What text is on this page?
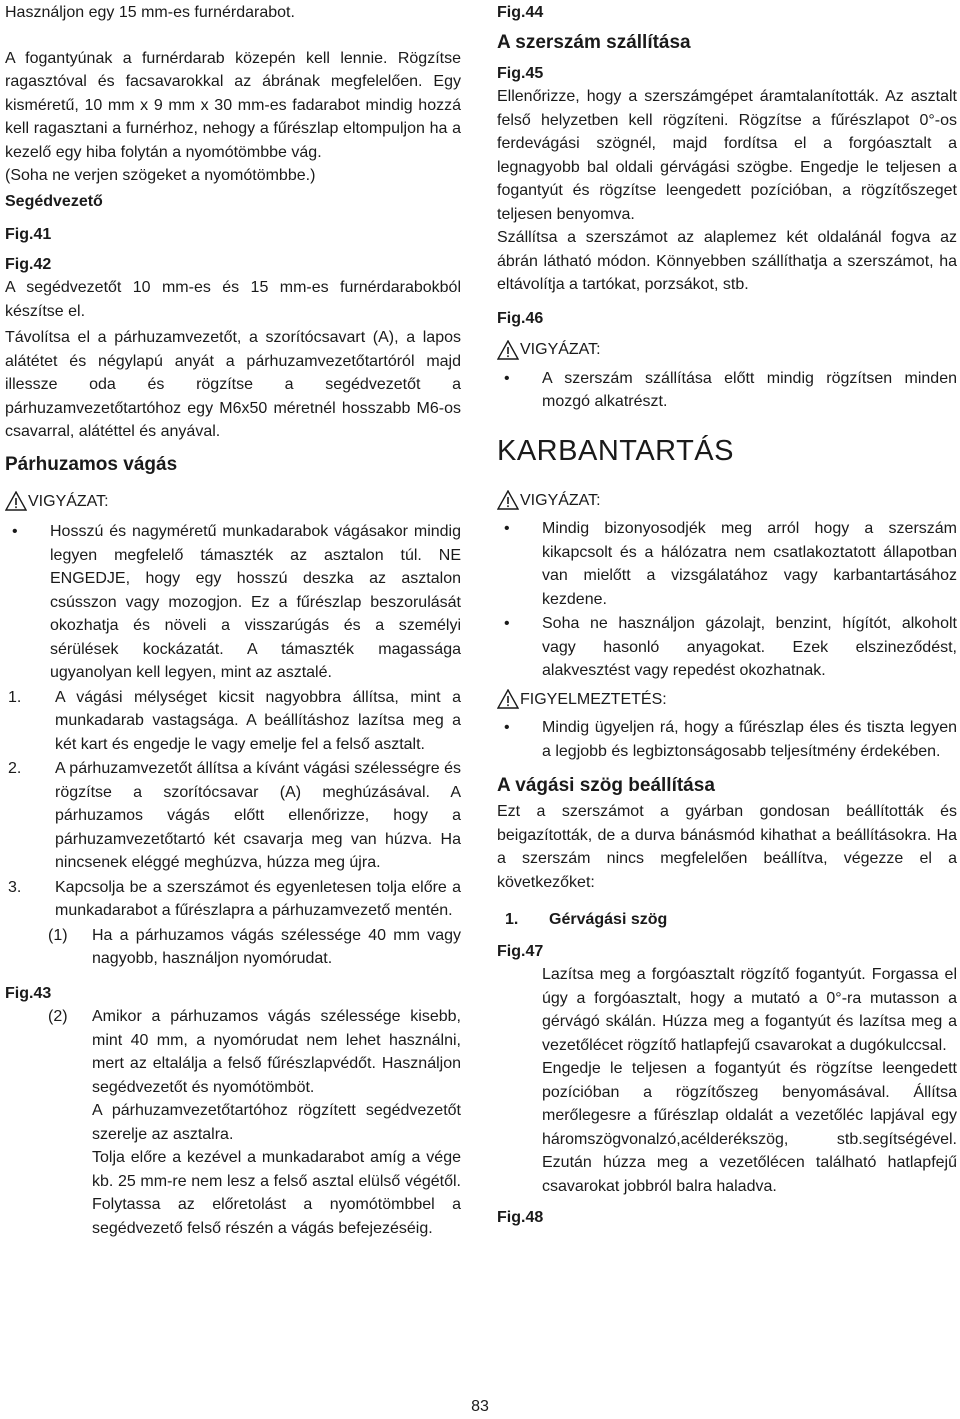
Használjon egy 15 mm-es furnérdarabot.

A fogantyúnak a furnérdarab közepén kell lennie. Rögzítse ragasztóval és facsavarokkal az ábrának megfelelően. Egy kisméretű, 10 mm x 9 mm x 30 mm-es fadarabot mindig hozzá kell ragasztani a furnérhoz, nehogy a fűrészlap eltompuljon ha a kezelő egy hiba folytán a nyomótömbbe vág.

(Soha ne verjen szögeket a nyomótömbbe.)

Segédvezető

Fig.41

Fig.42

A segédvezetőt 10 mm-es és 15 mm-es furnérdarabokból készítse el.

Távolítsa el a párhuzamvezetőt, a szorítócsavart (A), a lapos alátétet és négylapú anyát a párhuzamvezetőtartóról majd illessze oda és rögzítse a segédvezetőt a párhuzamvezetőtartóhoz egy M6x50 méretnél hosszabb M6-os csavarral, alátéttel és anyával.

Párhuzamos vágás

VIGYÁZAT:
• Hosszú és nagyméretű munkadarabok vágásakor mindig legyen megfelelő támaszték az asztalon túl. NE ENGEDJE, hogy egy hosszú deszka az asztalon csússzon vagy mozogjon. Ez a fűrészlap beszorulását okozhatja és növeli a visszarúgás és a személyi sérülések kockázatát. A támaszték magassága ugyanolyan kell legyen, mint az asztalé.
1. A vágási mélységet kicsit nagyobbra állítsa, mint a munkadarab vastagsága. A beállításhoz lazítsa meg a két kart és engedje le vagy emelje fel a felső asztalt.
2. A párhuzamvezetőt állítsa a kívánt vágási szélességre és rögzítse a szorítócsavar (A) meghúzásával. A párhuzamos vágás előtt ellenőrizze, hogy a párhuzamvezetőtartó két csavarja meg van húzva. Ha nincsenek eléggé meghúzva, húzza meg újra.
3. Kapcsolja be a szerszámot és egyenletesen tolja előre a munkadarabot a fűrészlapra a párhuzamvezető mentén.
(1) Ha a párhuzamos vágás szélessége 40 mm vagy nagyobb, használjon nyomórudat.

Fig.43

(2) Amikor a párhuzamos vágás szélessége kisebb, mint 40 mm, a nyomórudat nem lehet használni, mert az eltalálja a felső fűrészlapvédőt. Használjon segédvezetőt és nyomótömböt.

A párhuzamvezetőtartóhoz rögzített segédvezetőt szerelje az asztalra.

Tolja előre a kezével a munkadarabot amíg a vége kb. 25 mm-re nem lesz a felső asztal elülső végétől. Folytassa az előretolást a nyomótömbbel a segédvezető felső részén a vágás befejezéséig.

Fig.44

A szerszám szállítása

Fig.45

Ellenőrizze, hogy a szerszámgépet áramtalanították. Az asztalt felső helyzetben kell rögzíteni. Rögzítse a fűrészlapot 0°-os ferdevágási szögnél, majd fordítsa el a forgóasztalt a legnagyobb bal oldali gérvágási szögbe. Engedje le teljesen a fogantyút és rögzítse leengedett pozícióban, a rögzítőszeget teljesen benyomva.

Szállítsa a szerszámot az alaplemez két oldalánál fogva az ábrán látható módon. Könnyebben szállíthatja a szerszámot, ha eltávolítja a tartókat, porzsákot, stb.

Fig.46

VIGYÁZAT:
• A szerszám szállítása előtt mindig rögzítsen minden mozgó alkatrészt.

KARBANTARTÁS

VIGYÁZAT:
• Mindig bizonyosodjék meg arról hogy a szerszám kikapcsolt és a hálózatra nem csatlakoztatott állapotban van mielőtt a vizsgálatához vagy karbantartásához kezdene.
• Soha ne használjon gázolajt, benzint, hígítót, alkoholt vagy hasonló anyagokat. Ezek elszineződést, alakvesztést vagy repedést okozhatnak.
FIGYELMEZTETÉS:
• Mindig ügyeljen rá, hogy a fűrészlap éles és tiszta legyen a legjobb és legbiztonságosabb teljesítmény érdekében.

A vágási szög beállítása

Ezt a szerszámot a gyárban gondosan beállították és beigazították, de a durva bánásmód kihathat a beállításokra. Ha a szerszám nincs megfelelően beállítva, végezze el a következőket:

1. Gérvágási szög

Fig.47

Lazítsa meg a forgóasztalt rögzítő fogantyút. Forgassa el úgy a forgóasztalt, hogy a mutató a 0°-ra mutasson a gérvágó skálán. Húzza meg a fogantyút és lazítsa meg a vezetőlécet rögzítő hatlapfejű csavarokat a dugókulccsal.

Engedje le teljesen a fogantyút és rögzítse leengedett pozícióban a rögzítőszeg benyomásával. Állítsa merőlegesre a fűrészlap oldalát a vezetőléc lapjával egy háromszögvonalzó,acélderékszög, stb.segítségével. Ezután húzza meg a vezetőlécen található hatlapfejű csavarokat jobbról balra haladva.

Fig.48

83
